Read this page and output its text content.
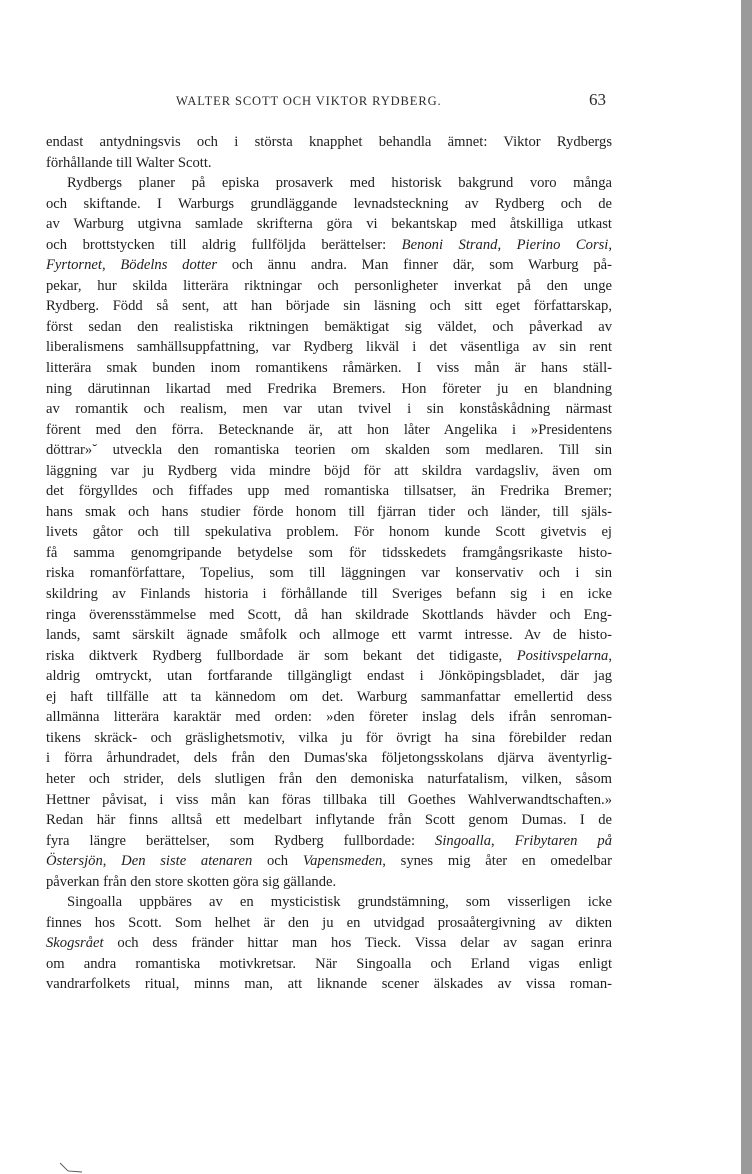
WALTER SCOTT OCH VIKTOR RYDBERG.	63
endast antydningsvis och i största knapphet behandla ämnet: Viktor Rydbergs
förhållande till Walter Scott.
Rydbergs planer på episka prosaverk med historisk bakgrund voro många
och skiftande. I Warburgs grundläggande levnadsteckning av Rydberg och de
av Warburg utgivna samlade skrifterna göra vi bekantskap med åtskilliga utkast
och brottstycken till aldrig fullföljda berättelser: Benoni Strand, Pierino Corsi,
Fyrtornet, Bödelns dotter och ännu andra. Man finner där, som Warburg på-
pekar, hur skilda litterära riktningar och personligheter inverkat på den unge
Rydberg. Född så sent, att han började sin läsning och sitt eget författarskap,
först sedan den realistiska riktningen bemäktigat sig väldet, och påverkad av
liberalismens samhällsuppfattning, var Rydberg likväl i det väsentliga av sin rent
litterära smak bunden inom romantikens råmärken. I viss mån är hans ställ-
ning därutinnan likartad med Fredrika Bremers. Hon företer ju en blandning
av romantik och realism, men var utan tvivel i sin konståskådning närmast
förent med den förra. Betecknande är, att hon låter Angelika i »Presidentens
döttrar»˘ utveckla den romantiska teorien om skalden som medlaren. Till sin
läggning var ju Rydberg vida mindre böjd för att skildra vardagsliv, även om
det förgylldes och fiffades upp med romantiska tillsatser, än Fredrika Bremer;
hans smak och hans studier förde honom till fjärran tider och länder, till själs-
livets gåtor och till spekulativa problem. För honom kunde Scott givetvis ej
få samma genomgripande betydelse som för tidsskedets framgångsrikaste histo-
riska romanförfattare, Topelius, som till läggningen var konservativ och i sin
skildring av Finlands historia i förhållande till Sveriges befann sig i en icke
ringa överensstämmelse med Scott, då han skildrade Skottlands hävder och Eng-
lands, samt särskilt ägnade småfolk och allmoge ett varmt intresse. Av de histo-
riska diktverk Rydberg fullbordade är som bekant det tidigaste, Positivspelarna,
aldrig omtryckt, utan fortfarande tillgängligt endast i Jönköpingsbladet, där jag
ej haft tillfälle att ta kännedom om det. Warburg sammanfattar emellertid dess
allmänna litterära karaktär med orden: »den företer inslag dels ifrån senroman-
tikens skräck- och gräslighetsmotiv, vilka ju för övrigt ha sina förebilder redan
i förra århundradet, dels från den Dumas'ska följetongsskolans djärva äventyrlig-
heter och strider, dels slutligen från den demoniska naturfatalism, vilken, såsom
Hettner påvisat, i viss mån kan föras tillbaka till Goethes Wahlverwandtschaften.»
Redan här finns alltså ett medelbart inflytande från Scott genom Dumas. I de
fyra längre berättelser, som Rydberg fullbordade: Singoalla, Fribytaren på
Östersjön, Den siste atenaren och Vapensmeden, synes mig åter en omedelbar
påverkan från den store skotten göra sig gällande.
Singoalla uppbäres av en mysticistisk grundstämning, som visserligen icke
finnes hos Scott. Som helhet är den ju en utvidgad prosaåtergivning av dikten
Skogsrået och dess fränder hittar man hos Tieck. Vissa delar av sagan erinra
om andra romantiska motivkretsar. När Singoalla och Erland vigas enligt
vandrarfolkets ritual, minns man, att liknande scener älskades av vissa roman-
